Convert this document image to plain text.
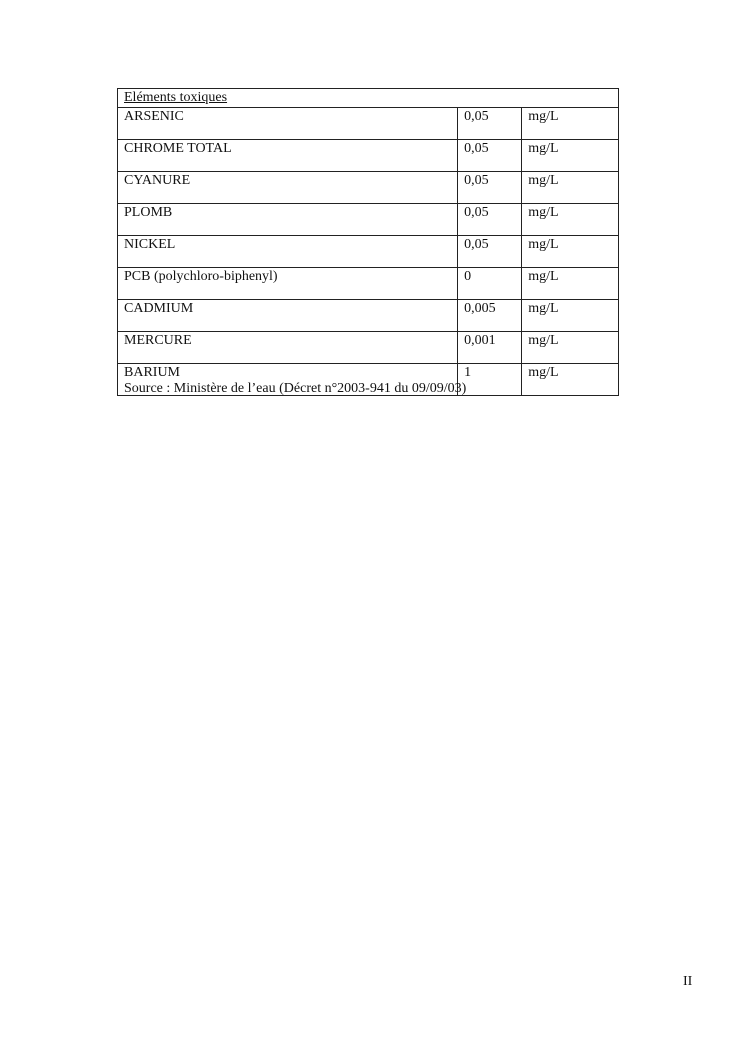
Eléments toxiques		
ARSENIC	0,05	mg/L
CHROME TOTAL	0,05	mg/L
CYANURE	0,05	mg/L
PLOMB	0,05	mg/L
NICKEL	0,05	mg/L
PCB (polychloro-biphenyl)	0	mg/L
CADMIUM	0,005	mg/L
MERCURE	0,001	mg/L
BARIUM	1	mg/L
Source : Ministère de l’eau (Décret n°2003-941 du 09/09/03)
II
